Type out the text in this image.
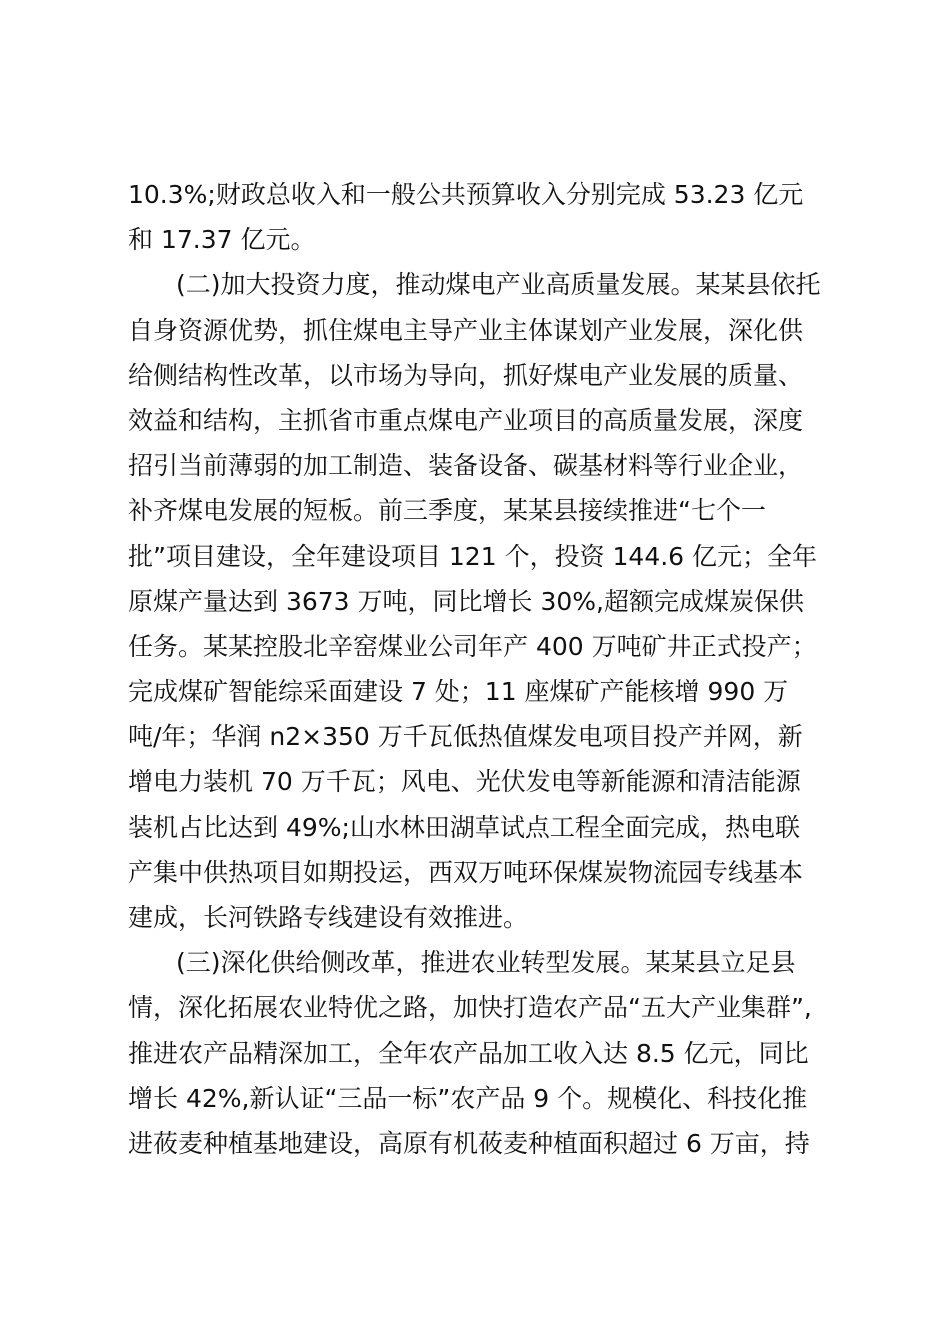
10.3%;财政总收入和一般公共预算收入分别完成 53.23 亿元
和 17.37 亿元。
(二)加大投资力度，推动煤电产业高质量发展。某某县依托
自身资源优势，抓住煤电主导产业主体谋划产业发展，深化供
给侧结构性改革，以市场为导向，抓好煤电产业发展的质量、
效益和结构，主抓省市重点煤电产业项目的高质量发展，深度
招引当前薄弱的加工制造、装备设备、碳基材料等行业企业，
补齐煤电发展的短板。前三季度，某某县接续推进“七个一
批”项目建设，全年建设项目 121 个，投资 144.6 亿元；全年
原煤产量达到 3673 万吨，同比增长 30%,超额完成煤炭保供
任务。某某控股北辛窑煤业公司年产 400 万吨矿井正式投产；
完成煤矿智能综采面建设 7 处；11 座煤矿产能核增 990 万
吨/年；华润 n2×350 万千瓦低热值煤发电项目投产并网，新
增电力装机 70 万千瓦；风电、光伏发电等新能源和清洁能源
装机占比达到 49%;山水林田湖草试点工程全面完成，热电联
产集中供热项目如期投运，西双万吨环保煤炭物流园专线基本
建成，长河铁路专线建设有效推进。
(三)深化供给侧改革，推进农业转型发展。某某县立足县
情，深化拓展农业特优之路，加快打造农产品“五大产业集群”,
推进农产品精深加工，全年农产品加工收入达 8.5 亿元，同比
增长 42%,新认证“三品一标”农产品 9 个。规模化、科技化推
进莜麦种植基地建设，高原有机莜麦种植面积超过 6 万亩，持
